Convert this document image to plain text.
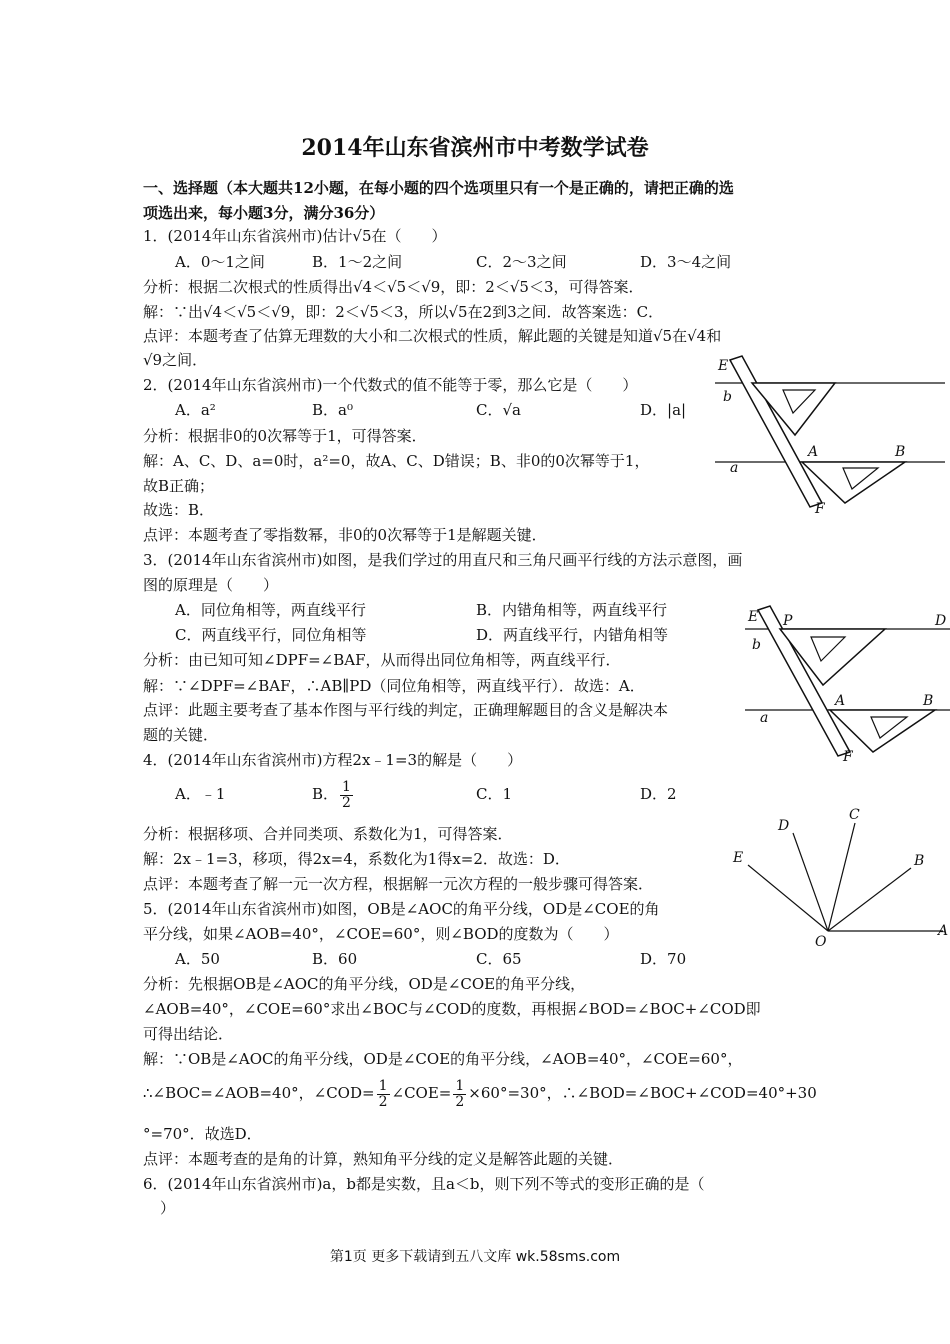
2014年山东省滨州市中考数学试卷
一、选择题（本大题共12小题，在每小题的四个选项里只有一个是正确的，请把正确的选
项选出来，每小题3分，满分36分）
1．(2014年山东省滨州市)估计√5在（　　）
A．0～1之间	B．1～2之间	C．2～3之间	D．3～4之间
分析：根据二次根式的性质得出√4＜√5＜√9，即：2＜√5＜3，可得答案．
解：∵出√4＜√5＜√9，即：2＜√5＜3，所以√5在2到3之间．故答案选：C．
点评：本题考查了估算无理数的大小和二次根式的性质，解此题的关键是知道√5在√4和
√9之间．
2．(2014年山东省滨州市)一个代数式的值不能等于零，那么它是（　　）
A．a²	B．a⁰	C．√a	D．|a|
分析：根据非0的0次幂等于1，可得答案．
解：A、C、D、a=0时，a²=0，故A、C、D错误；B、非0的0次幂等于1，
故B正确；
故选：B．
点评：本题考查了零指数幂，非0的0次幂等于1是解题关键．
3．(2014年山东省滨州市)如图，是我们学过的用直尺和三角尺画平行线的方法示意图，画
图的原理是（　　）
A．同位角相等，两直线平行	B．内错角相等，两直线平行
C．两直线平行，同位角相等	D．两直线平行，内错角相等
分析：由已知可知∠DPF=∠BAF，从而得出同位角相等，两直线平行．
解：∵∠DPF=∠BAF，∴AB∥PD（同位角相等，两直线平行）．故选：A．
点评：此题主要考查了基本作图与平行线的判定，正确理解题目的含义是解决本
题的关键．
4．(2014年山东省滨州市)方程2x﹣1=3的解是（　　）
A．﹣1	B． $\frac{1}{2}$	C．1	D．2
分析：根据移项、合并同类项、系数化为1，可得答案．
解：2x﹣1=3，移项，得2x=4，系数化为1得x=2．故选：D．
点评：本题考查了解一元一次方程，根据解一元次方程的一般步骤可得答案．
5．(2014年山东省滨州市)如图，OB是∠AOC的角平分线，OD是∠COE的角
平分线，如果∠AOB=40°，∠COE=60°，则∠BOD的度数为（　　）
A．50	B．60	C．65	D．70
分析：先根据OB是∠AOC的角平分线，OD是∠COE的角平分线，
∠AOB=40°，∠COE=60°求出∠BOC与∠COD的度数，再根据∠BOD=∠BOC+∠COD即
可得出结论．
解：∵OB是∠AOC的角平分线，OD是∠COE的角平分线，∠AOB=40°，∠COE=60°，
∴∠BOC=∠AOB=40°，∠COD= $\frac{1}{2}$ ∠COE= $\frac{1}{2} \times 60^\circ=30^\circ$，∴∠BOD=∠BOC+∠COD=40°+30
°=70°．故选D．
点评：本题考查的是角的计算，熟知角平分线的定义是解答此题的关键．
6．(2014年山东省滨州市)a，b都是实数，且a＜b，则下列不等式的变形正确的是（
）
E
b
a
A	B
F
E P	D
b
a
A	B
F
D
C
E	B
O
A
第1页 更多下载请到五八文库 wk.58sms.com
